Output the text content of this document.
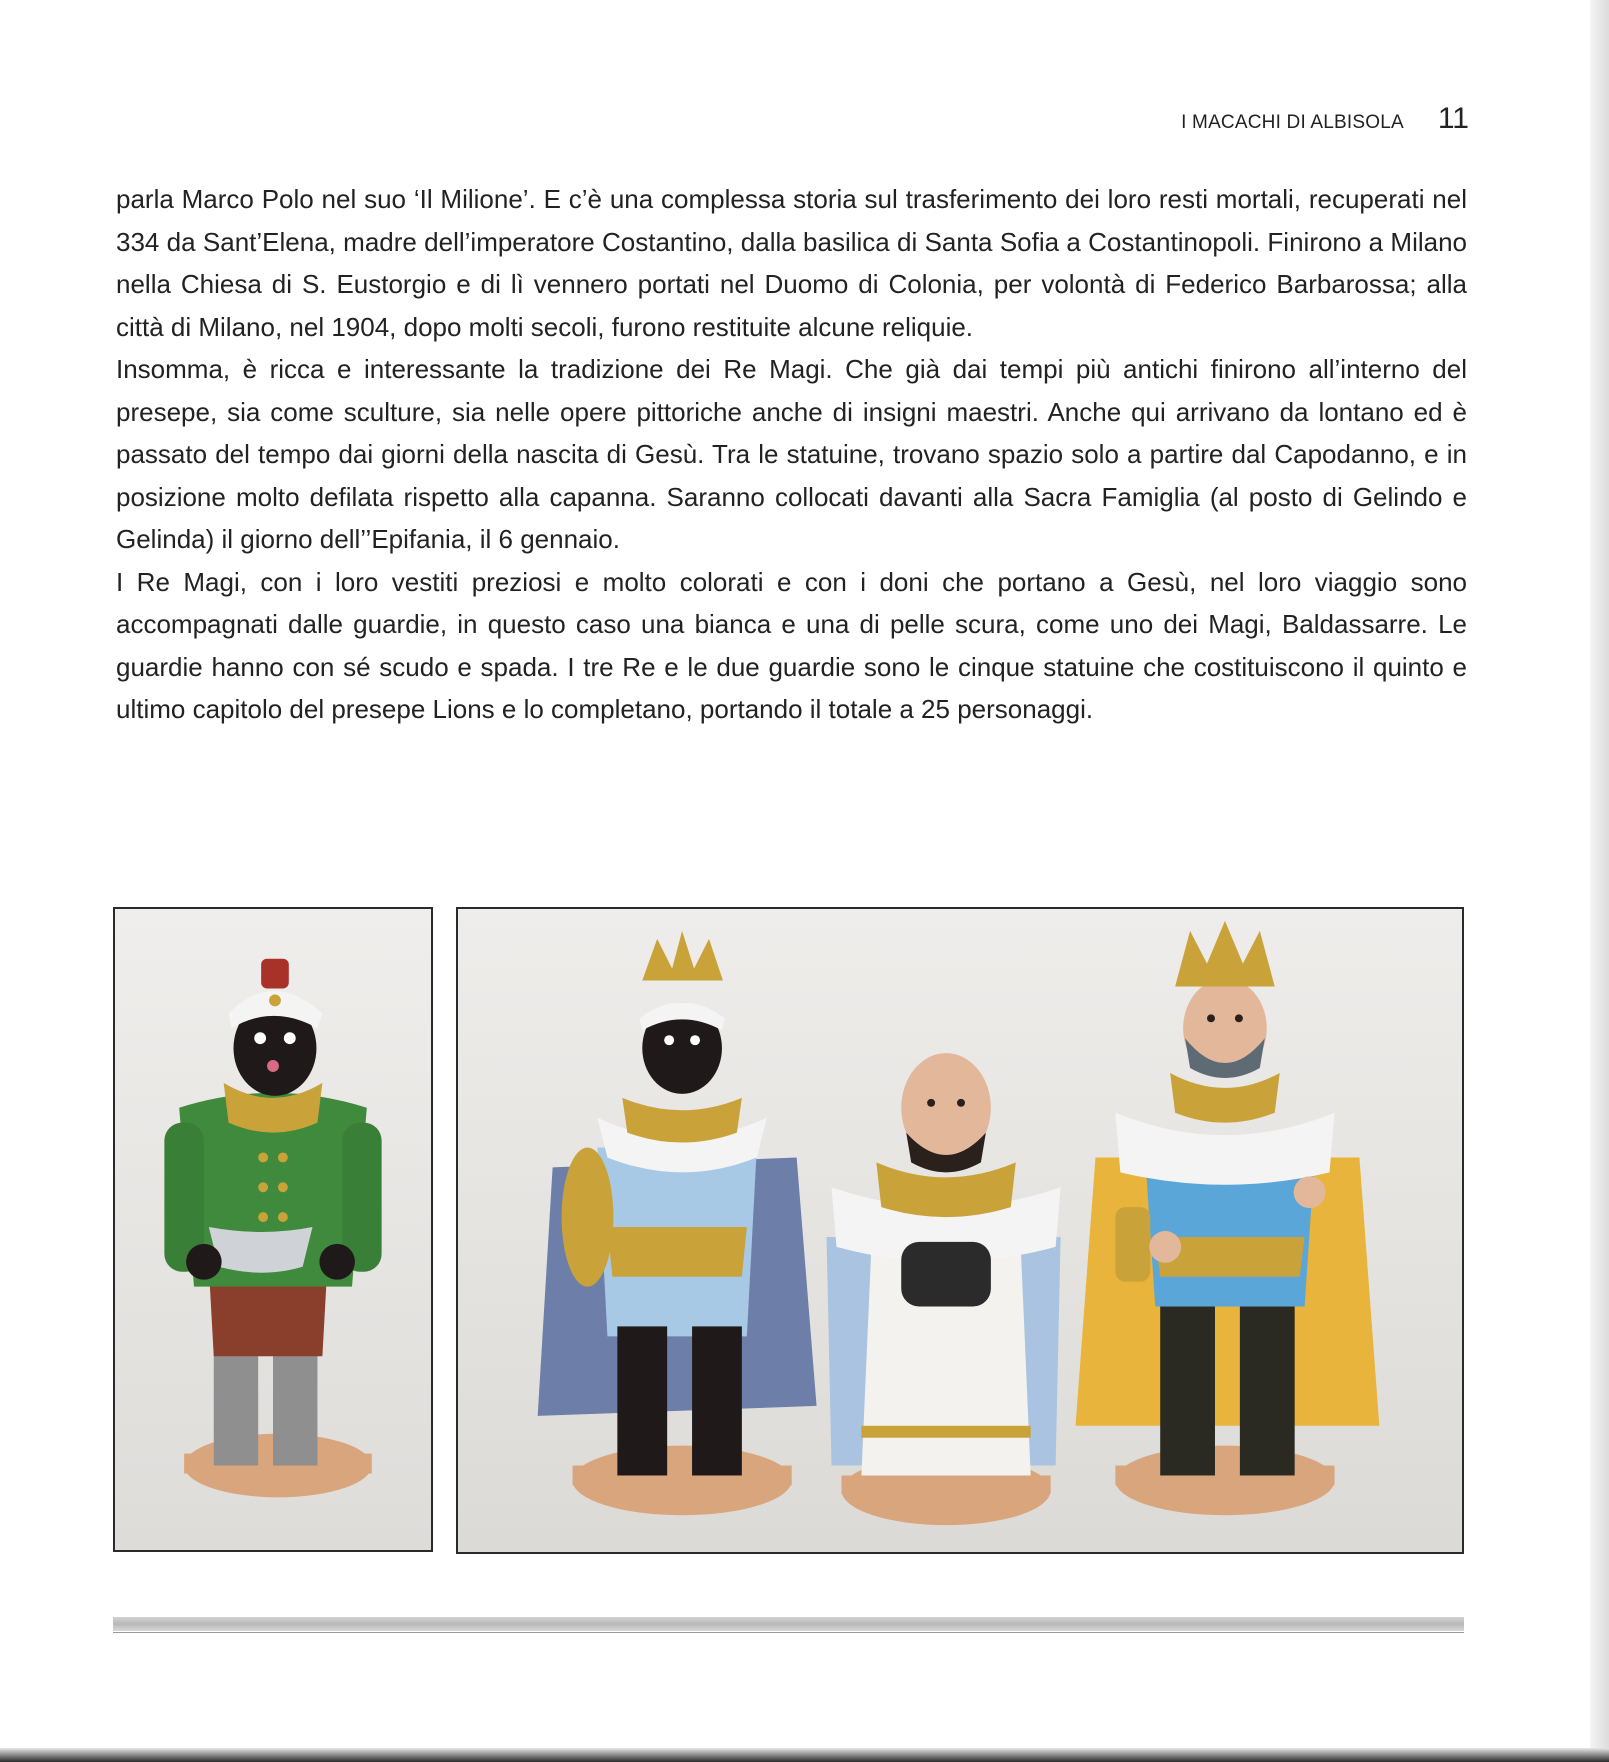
I MACACHI DI ALBISOLA 11

parla Marco Polo nel suo ‘Il Milione’. E c’è una complessa storia sul trasferimento dei loro resti mortali, recuperati nel 334 da Sant’Elena, madre dell’imperatore Costantino, dalla basilica di Santa Sofia a Costantinopoli. Finirono a Milano nella Chiesa di S. Eustorgio e di lì vennero portati nel Duomo di Colonia, per volontà di Federico Barbarossa; alla città di Milano, nel 1904, dopo molti secoli, furono restituite alcune reliquie.

Insomma, è ricca e interessante la tradizione dei Re Magi. Che già dai tempi più antichi finirono all’interno del presepe, sia come sculture, sia nelle opere pittoriche anche di insigni maestri. Anche qui arrivano da lontano ed è passato del tempo dai giorni della nascita di Gesù. Tra le statuine, trovano spazio solo a partire dal Capodanno, e in posizione molto defilata rispetto alla capanna. Saranno collocati davanti alla Sacra Famiglia (al posto di Gelindo e Gelinda) il giorno dell’’Epifania, il 6 gennaio.

I Re Magi, con i loro vestiti preziosi e molto colorati e con i doni che portano a Gesù, nel loro viaggio sono accompagnati dalle guardie, in questo caso una bianca e una di pelle scura, come uno dei Magi, Baldassarre. Le guardie hanno con sé scudo e spada. I tre Re e le due guardie sono le cinque statuine che costituiscono il quinto e ultimo capitolo del presepe Lions e lo completano, portando il totale a 25 personaggi.
